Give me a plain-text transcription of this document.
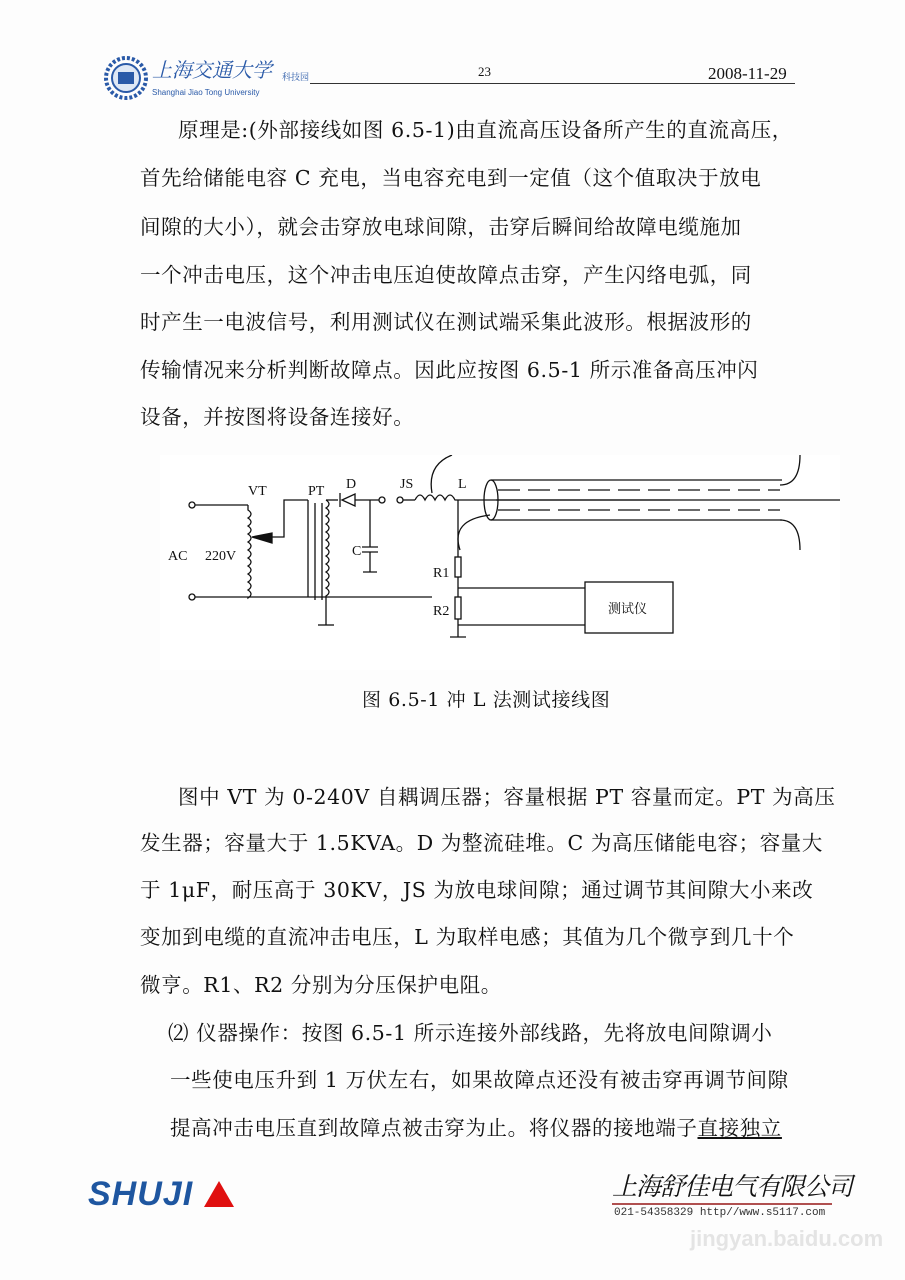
上海交通大学 科技园
Shanghai Jiao Tong University
23	2008-11-29
原理是:(外部接线如图 6.5-1)由直流高压设备所产生的直流高压，
首先给储能电容 C 充电，当电容充电到一定值（这个值取决于放电
间隙的大小），就会击穿放电球间隙，击穿后瞬间给故障电缆施加
一个冲击电压，这个冲击电压迫使故障点击穿，产生闪络电弧，同
时产生一电波信号，利用测试仪在测试端采集此波形。根据波形的
传输情况来分析判断故障点。因此应按图 6.5-1 所示准备高压冲闪
设备，并按图将设备连接好。
VT	PT D	JS	L
AC 220V	C
R1
R2	测试仪
图 6.5-1 冲 L 法测试接线图
图中 VT 为 0-240V 自耦调压器；容量根据 PT 容量而定。PT 为高压
发生器；容量大于 1.5KVA。D 为整流硅堆。C 为高压储能电容；容量大
于 1μF，耐压高于 30KV，JS 为放电球间隙；通过调节其间隙大小来改
变加到电缆的直流冲击电压，L 为取样电感；其值为几个微亨到几十个
微亨。R1、R2 分别为分压保护电阻。
⑵ 仪器操作：按图 6.5-1 所示连接外部线路，先将放电间隙调小
一些使电压升到 1 万伏左右，如果故障点还没有被击穿再调节间隙
提高冲击电压直到故障点被击穿为止。将仪器的接地端子直接独立
SHUJI	上海舒佳电气有限公司
021-54358329 http//www.s5117.com
jingyan.baidu.com
